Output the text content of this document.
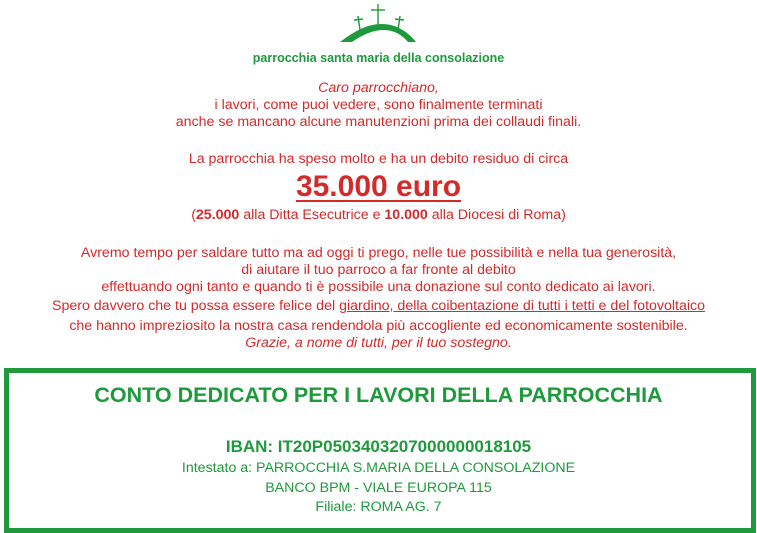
parrocchia santa maria della consolazione
Caro parrocchiano,
i lavori, come puoi vedere, sono finalmente terminati
anche se mancano alcune manutenzioni prima dei collaudi finali.
La parrocchia ha speso molto e ha un debito residuo di circa
35.000 euro
(25.000 alla Ditta Esecutrice e 10.000 alla Diocesi di Roma)
Avremo tempo per saldare tutto ma ad oggi ti prego, nelle tue possibilità e nella tua generosità,
di aiutare il tuo parroco a far fronte al debito
effettuando ogni tanto e quando ti è possibile una donazione sul conto dedicato ai lavori.
Spero davvero che tu possa essere felice del giardino, della coibentazione di tutti i tetti e del fotovoltaico
che hanno impreziosito la nostra casa rendendola più accogliente ed economicamente sostenibile.
Grazie, a nome di tutti, per il tuo sostegno.
CONTO DEDICATO PER I LAVORI DELLA PARROCCHIA
IBAN: IT20P0503403207000000018105
Intestato a: PARROCCHIA S.MARIA DELLA CONSOLAZIONE
BANCO BPM - VIALE EUROPA 115
Filiale: ROMA AG. 7
